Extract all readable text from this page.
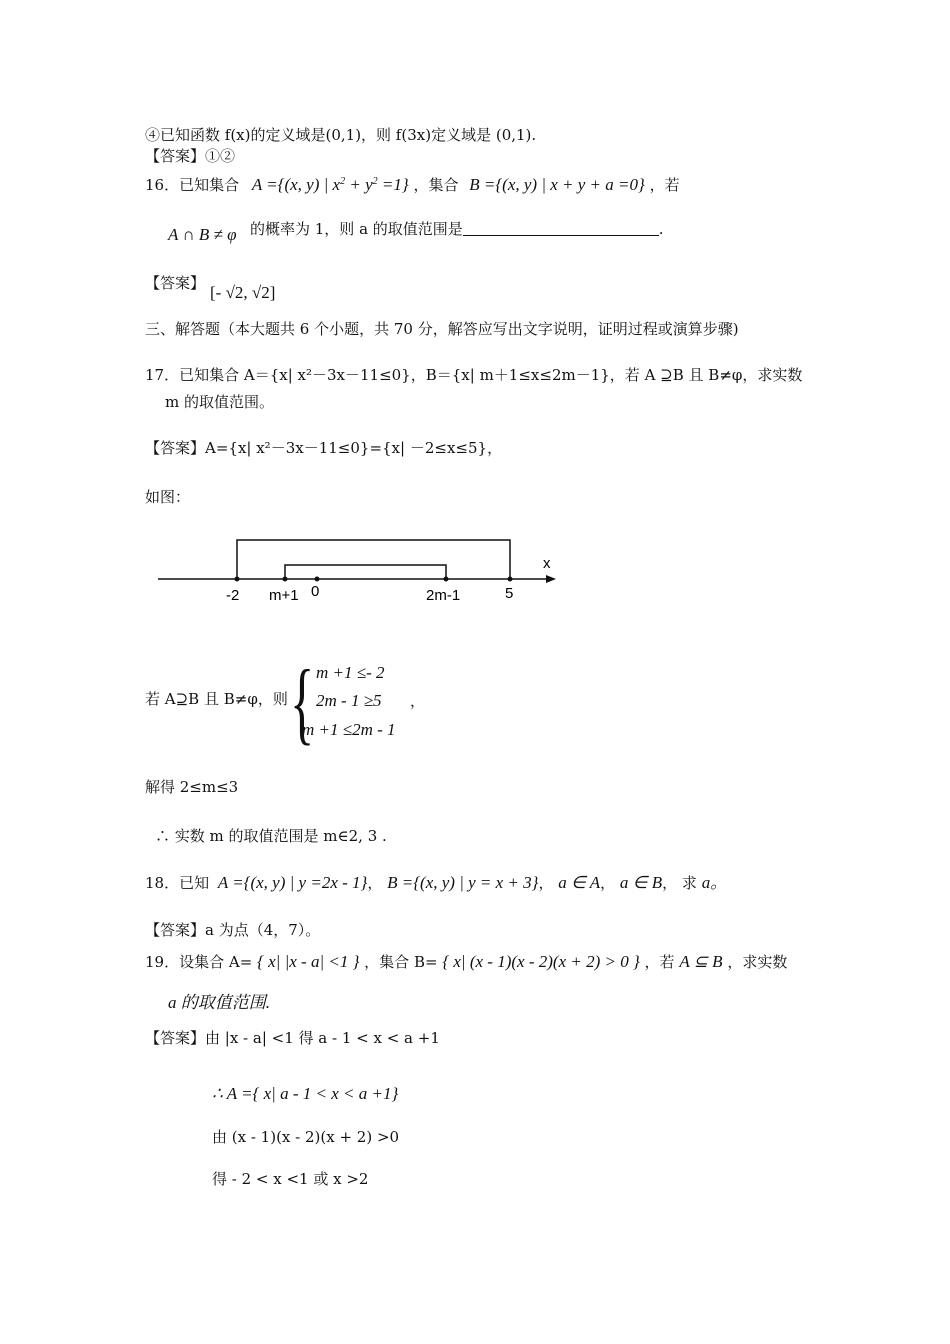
④已知函数 f(x)的定义域是(0,1)，则 f(3x)定义域是 (0,1).
【答案】①②
16．已知集合 A ={(x, y) | $x^2 + y^2 =1$} ，集合 B ={(x, y) | x + y + a =0} ，若
A ∩ B ≠ φ 的概率为 1，则 a 的取值范围是	.
【答案】 [- √2, √2]
三、解答题（本大题共 6 个小题，共 70 分，解答应写出文字说明，证明过程或演算步骤)
17．已知集合 A＝{x| x²－3x－11≤0}，B＝{x| m＋1≤x≤2m－1}，若 A ⊇B 且 B≠φ，求实数
m 的取值范围。
【答案】A={x| x²－3x－11≤0}={x| －2≤x≤5}，
如图：
x
-2 m+1 0	2m-1	5
若 A⊇B 且 B≠φ，则 { m +1 ≤- 2
2m - 1 ≥5
m +1 ≤2m - 1
，
解得 2≤m≤3
∴ 实数 m 的取值范围是 m∈2, 3 .
18．已知 A ={(x, y) | y =2x - 1}， B ={(x, y) | y = x + 3}， a ∈ A， a ∈ B， 求 a。
【答案】a 为点（4，7）。
19．设集合 A= { x| |x - a| <1 } ，集合 B= { x| (x - 1)(x - 2)(x + 2) > 0 } ，若 A ⊆ B ，求实数
a 的取值范围.
【答案】由 |x - a| <1 得 a - 1 < x < a +1
∴ A ={ x| a - 1 < x < a +1}
由 (x - 1)(x - 2)(x + 2) >0
得 - 2 < x <1 或 x >2
